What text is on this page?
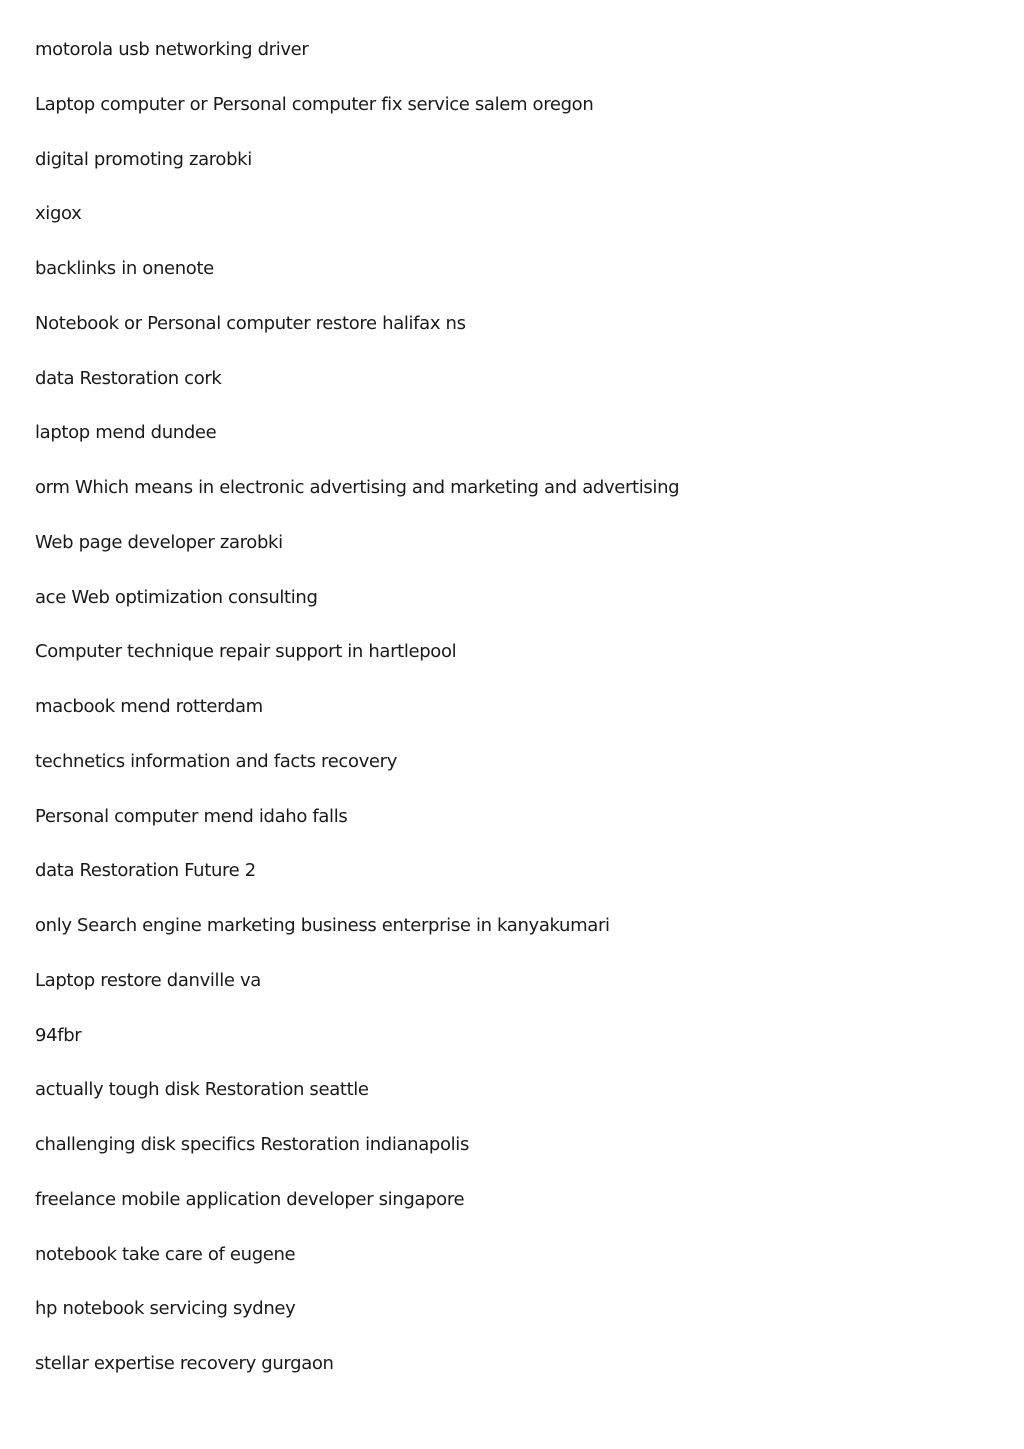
motorola usb networking driver
Laptop computer or Personal computer fix service salem oregon
digital promoting zarobki
xigox
backlinks in onenote
Notebook or Personal computer restore halifax ns
data Restoration cork
laptop mend dundee
orm Which means in electronic advertising and marketing and advertising
Web page developer zarobki
ace Web optimization consulting
Computer technique repair support in hartlepool
macbook mend rotterdam
technetics information and facts recovery
Personal computer mend idaho falls
data Restoration Future 2
only Search engine marketing business enterprise in kanyakumari
Laptop restore danville va
94fbr
actually tough disk Restoration seattle
challenging disk specifics Restoration indianapolis
freelance mobile application developer singapore
notebook take care of eugene
hp notebook servicing sydney
stellar expertise recovery gurgaon
